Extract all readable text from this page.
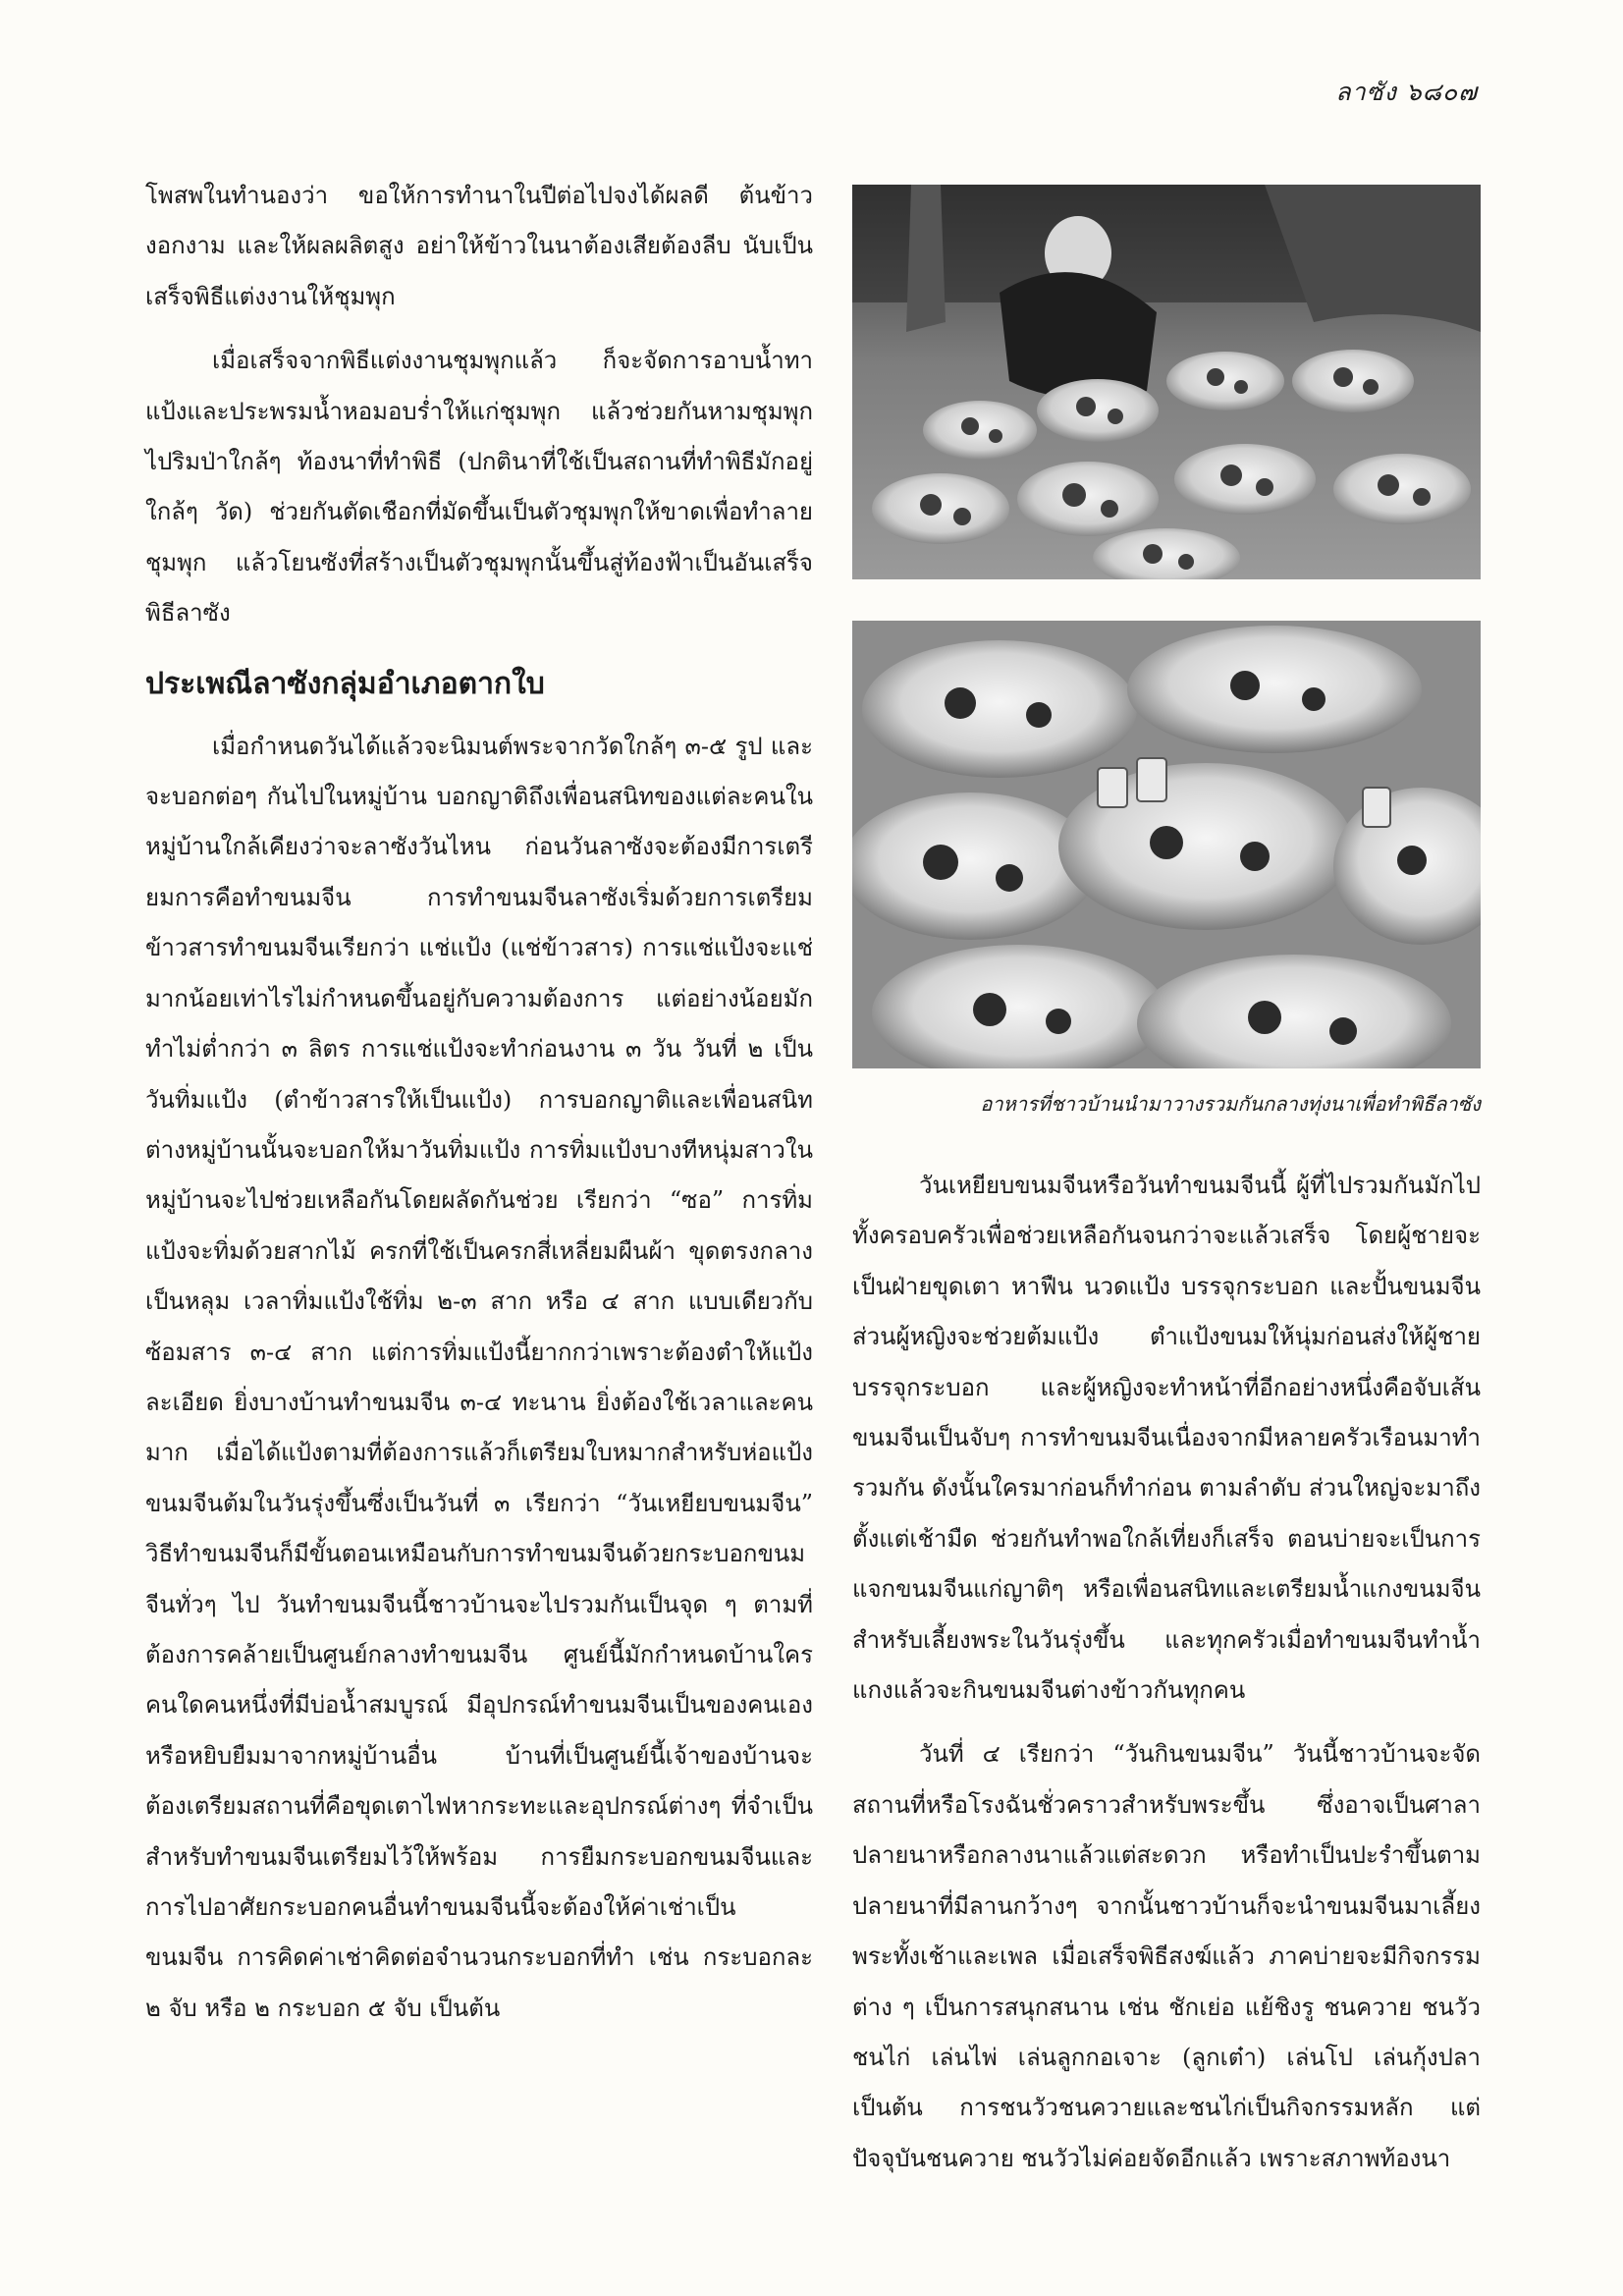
ลาซัง ๖๘๐๗

โพสพในทำนองว่า ขอให้การทำนาในปีต่อไปจงได้ผลดี ต้นข้าวงอกงาม และให้ผลผลิตสูง อย่าให้ข้าวในนาต้องเสียต้องลีบ นับเป็นเสร็จพิธีแต่งงานให้ชุมพุก

เมื่อเสร็จจากพิธีแต่งงานชุมพุกแล้ว ก็จะจัดการอาบน้ำทาแป้งและประพรมน้ำหอมอบร่ำให้แก่ชุมพุก แล้วช่วยกันหามชุมพุกไปริมป่าใกล้ๆ ท้องนาที่ทำพิธี (ปกตินาที่ใช้เป็นสถานที่ทำพิธีมักอยู่ใกล้ๆ วัด) ช่วยกันตัดเชือกที่มัดขึ้นเป็นตัวชุมพุกให้ขาดเพื่อทำลายชุมพุก แล้วโยนซังที่สร้างเป็นตัวชุมพุกนั้นขึ้นสู่ท้องฟ้าเป็นอันเสร็จพิธีลาซัง

ประเพณีลาซังกลุ่มอำเภอตากใบ

เมื่อกำหนดวันได้แล้วจะนิมนต์พระจากวัดใกล้ๆ ๓-๕ รูป และจะบอกต่อๆ กันไปในหมู่บ้าน บอกญาติถึงเพื่อนสนิทของแต่ละคนในหมู่บ้านใกล้เคียงว่าจะลาซังวันไหน ก่อนวันลาซังจะต้องมีการเตรียมการคือทำขนมจีน การทำขนมจีนลาซังเริ่มด้วยการเตรียมข้าวสารทำขนมจีนเรียกว่า แช่แป้ง (แช่ข้าวสาร) การแช่แป้งจะแช่มากน้อยเท่าไรไม่กำหนดขึ้นอยู่กับความต้องการ แต่อย่างน้อยมักทำไม่ต่ำกว่า ๓ ลิตร การแช่แป้งจะทำก่อนงาน ๓ วัน วันที่ ๒ เป็นวันทิ่มแป้ง (ตำข้าวสารให้เป็นแป้ง) การบอกญาติและเพื่อนสนิทต่างหมู่บ้านนั้นจะบอกให้มาวันทิ่มแป้ง การทิ่มแป้งบางทีหนุ่มสาวในหมู่บ้านจะไปช่วยเหลือกันโดยผลัดกันช่วย เรียกว่า “ซอ” การทิ่มแป้งจะทิ่มด้วยสากไม้ ครกที่ใช้เป็นครกสี่เหลี่ยมผืนผ้า ขุดตรงกลางเป็นหลุม เวลาทิ่มแป้งใช้ทิ่ม ๒-๓ สาก หรือ ๔ สาก แบบเดียวกับซ้อมสาร ๓-๔ สาก แต่การทิ่มแป้งนี้ยากกว่าเพราะต้องตำให้แป้งละเอียด ยิ่งบางบ้านทำขนมจีน ๓-๔ ทะนาน ยิ่งต้องใช้เวลาและคนมาก เมื่อได้แป้งตามที่ต้องการแล้วก็เตรียมใบหมากสำหรับห่อแป้งขนมจีนต้มในวันรุ่งขึ้นซึ่งเป็นวันที่ ๓ เรียกว่า “วันเหยียบขนมจีน” วิธีทำขนมจีนก็มีขั้นตอนเหมือนกับการทำขนมจีนด้วยกระบอกขนมจีนทั่วๆ ไป วันทำขนมจีนนี้ชาวบ้านจะไปรวมกันเป็นจุด ๆ ตามที่ต้องการคล้ายเป็นศูนย์กลางทำขนมจีน ศูนย์นี้มักกำหนดบ้านใครคนใดคนหนึ่งที่มีบ่อน้ำสมบูรณ์ มีอุปกรณ์ทำขนมจีนเป็นของคนเองหรือหยิบยืมมาจากหมู่บ้านอื่น บ้านที่เป็นศูนย์นี้เจ้าของบ้านจะต้องเตรียมสถานที่คือขุดเตาไฟหากระทะและอุปกรณ์ต่างๆ ที่จำเป็นสำหรับทำขนมจีนเตรียมไว้ให้พร้อม การยืมกระบอกขนมจีนและการไปอาศัยกระบอกคนอื่นทำขนมจีนนี้จะต้องให้ค่าเช่าเป็นขนมจีน การคิดค่าเช่าคิดต่อจำนวนกระบอกที่ทำ เช่น กระบอกละ ๒ จับ หรือ ๒ กระบอก ๕ จับ เป็นต้น

อาหารที่ชาวบ้านนำมาวางรวมกันกลางทุ่งนาเพื่อทำพิธีลาซัง

วันเหยียบขนมจีนหรือวันทำขนมจีนนี้ ผู้ที่ไปรวมกันมักไปทั้งครอบครัวเพื่อช่วยเหลือกันจนกว่าจะแล้วเสร็จ โดยผู้ชายจะเป็นฝ่ายขุดเตา หาฟืน นวดแป้ง บรรจุกระบอก และปั้นขนมจีน ส่วนผู้หญิงจะช่วยต้มแป้ง ตำแป้งขนมให้นุ่มก่อนส่งให้ผู้ชายบรรจุกระบอก และผู้หญิงจะทำหน้าที่อีกอย่างหนึ่งคือจับเส้นขนมจีนเป็นจับๆ การทำขนมจีนเนื่องจากมีหลายครัวเรือนมาทำรวมกัน ดังนั้นใครมาก่อนก็ทำก่อน ตามลำดับ ส่วนใหญ่จะมาถึงตั้งแต่เช้ามืด ช่วยกันทำพอใกล้เที่ยงก็เสร็จ ตอนบ่ายจะเป็นการแจกขนมจีนแก่ญาติๆ หรือเพื่อนสนิทและเตรียมน้ำแกงขนมจีนสำหรับเลี้ยงพระในวันรุ่งขึ้น และทุกครัวเมื่อทำขนมจีนทำน้ำแกงแล้วจะกินขนมจีนต่างข้าวกันทุกคน

วันที่ ๔ เรียกว่า “วันกินขนมจีน” วันนี้ชาวบ้านจะจัดสถานที่หรือโรงฉันชั่วคราวสำหรับพระขึ้น ซึ่งอาจเป็นศาลาปลายนาหรือกลางนาแล้วแต่สะดวก หรือทำเป็นปะรำขึ้นตามปลายนาที่มีลานกว้างๆ จากนั้นชาวบ้านก็จะนำขนมจีนมาเลี้ยงพระทั้งเช้าและเพล เมื่อเสร็จพิธีสงฆ์แล้ว ภาคบ่ายจะมีกิจกรรมต่าง ๆ เป็นการสนุกสนาน เช่น ชักเย่อ แย้ชิงรู ชนควาย ชนวัว ชนไก่ เล่นไพ่ เล่นลูกกอเจาะ (ลูกเต๋า) เล่นโป เล่นกุ้งปลา เป็นต้น การชนวัวชนควายและชนไก่เป็นกิจกรรมหลัก แต่ปัจจุบันชนควาย ชนวัวไม่ค่อยจัดอีกแล้ว เพราะสภาพท้องนา
